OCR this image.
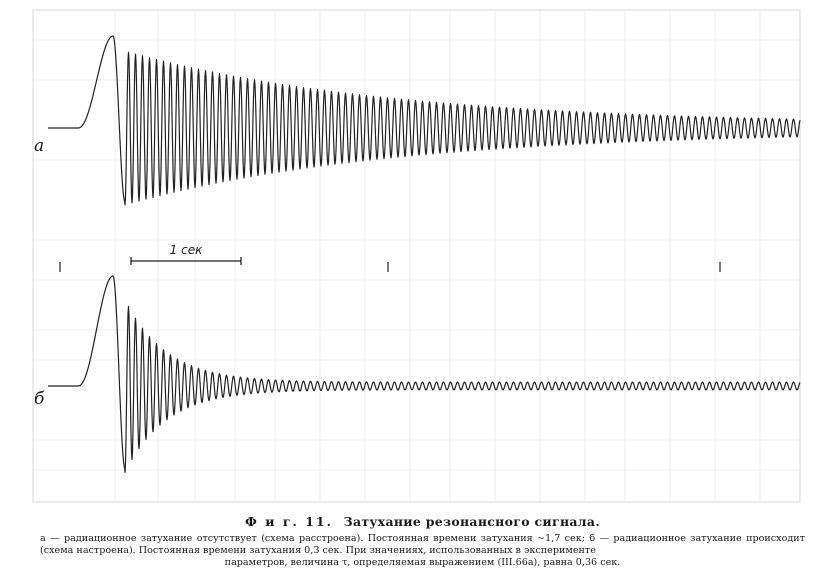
а
б
1 сек
Ф и г. 11. Затухание резонансного сигнала.

а — радиационное затухание отсутствует (схема расстроена). Постоянная времени затухания ∼1,7 сек; б — радиационное затухание происходит (схема настроена). Постоянная времени затухания 0,3 сек. При значениях, использованных в эксперименте
параметров, величина τ, определяемая выражением (III.66а), равна 0,36 сек.
